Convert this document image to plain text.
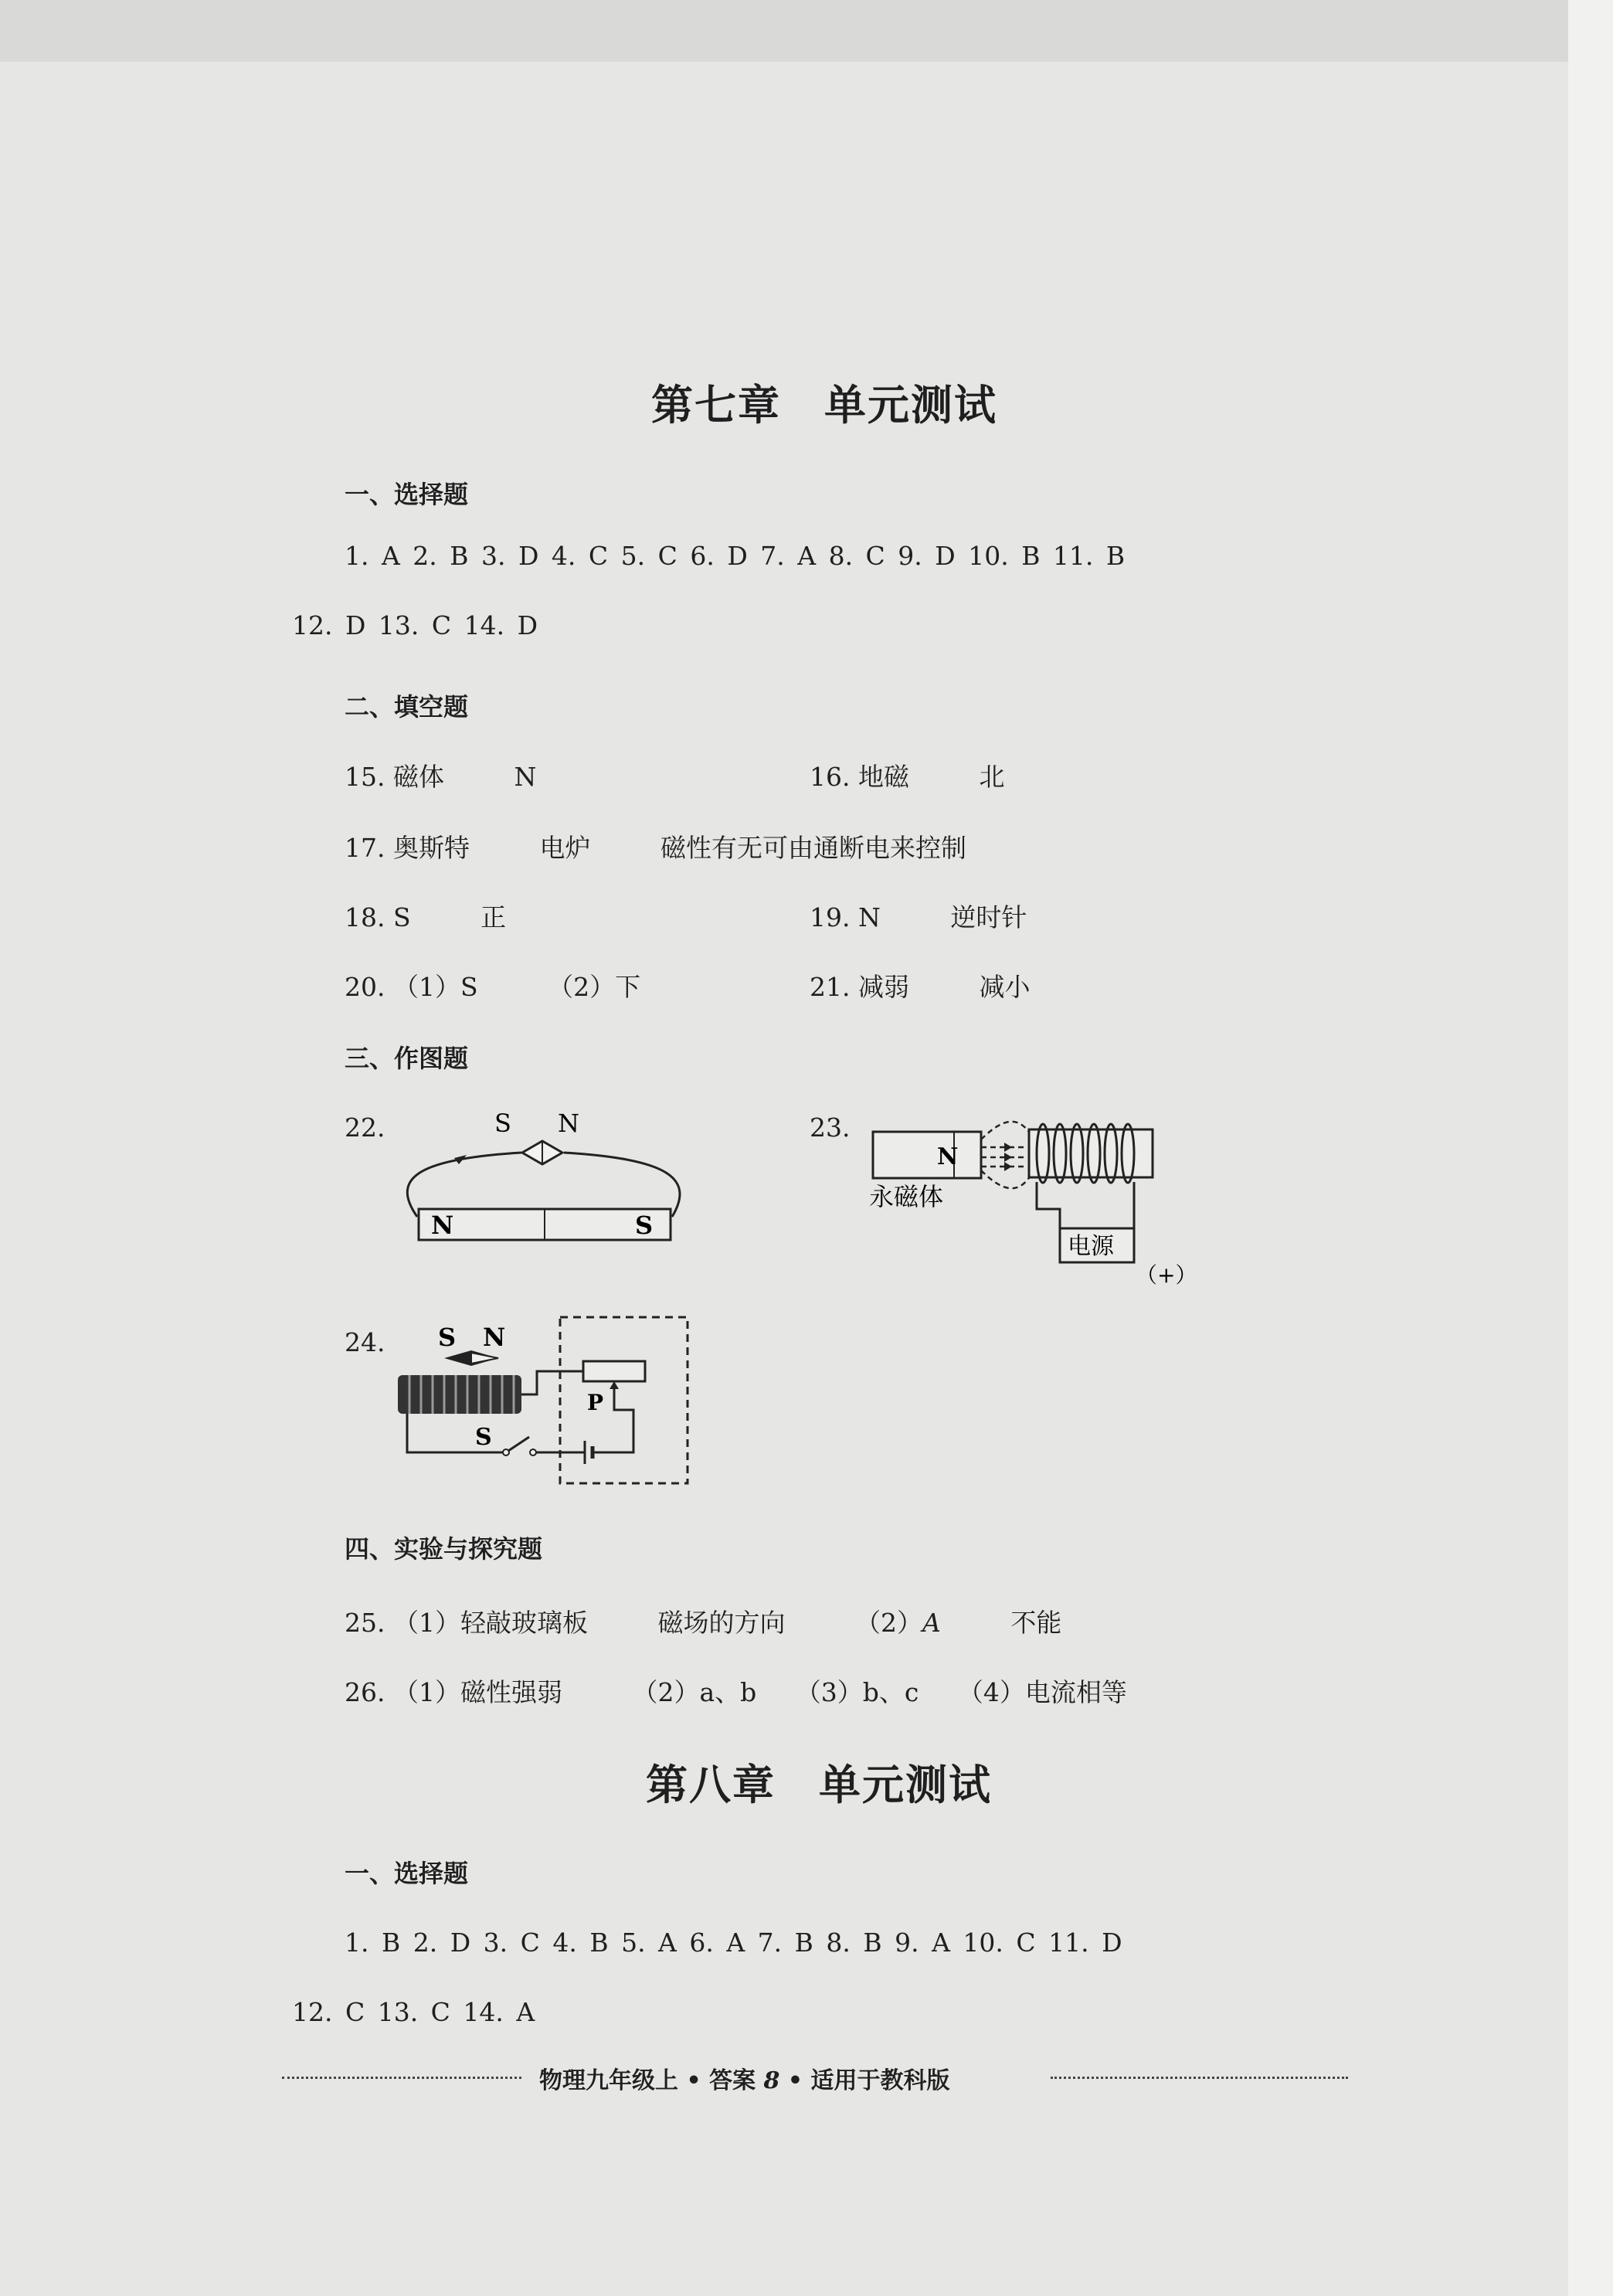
第七章　单元测试
一、选择题
1. A 2. B 3. D 4. C 5. C 6. D 7. A 8. C 9. D 10. B 11. B
12. D 13. C 14. D
二、填空题
15. 磁体	N	16. 地磁	北
17. 奥斯特	电炉	磁性有无可由通断电来控制
18. S	正	19. N	逆时针
20. （1）S	（2）下	21. 减弱	减小
三、作图题
22.	S N
N	S
23.
N
永磁体
电源
（+）
24. S N
S
P
四、实验与探究题
25. （1）轻敲玻璃板	磁场的方向	（2）A	不能
26. （1）磁性强弱	（2）a、b （3）b、c （4）电流相等
第八章　单元测试
一、选择题
1. B 2. D 3. C 4. B 5. A 6. A 7. B 8. B 9. A 10. C 11. D
12. C 13. C 14. A
物理九年级上 • 答案 8 • 适用于教科版
